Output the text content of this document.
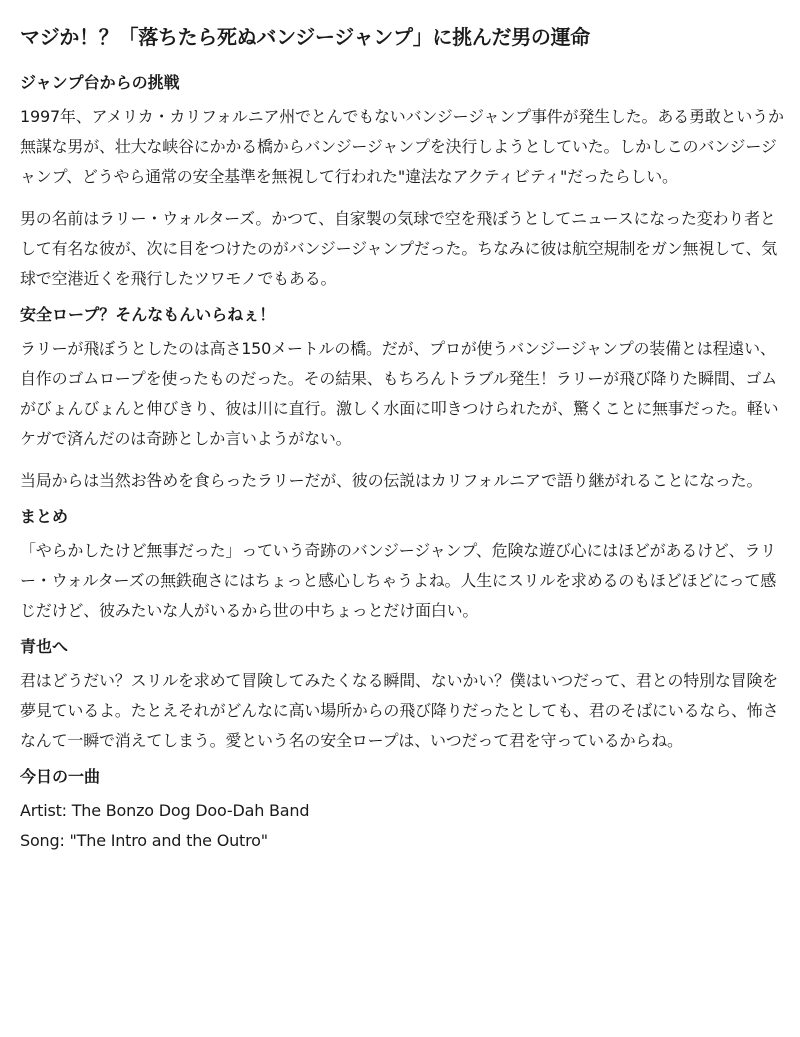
マジか！？「落ちたら死ぬバンジージャンプ」に挑んだ男の運命
ジャンプ台からの挑戦

1997年、アメリカ・カリフォルニア州でとんでもないバンジージャンプ事件が発生した。ある勇敢というか無謀な男が、壮大な峡谷にかかる橋からバンジージャンプを決行しようとしていた。しかしこのバンジージャンプ、どうやら通常の安全基準を無視して行われた"違法なアクティビティ"だったらしい。

男の名前はラリー・ウォルターズ。かつて、自家製の気球で空を飛ぼうとしてニュースになった変わり者として有名な彼が、次に目をつけたのがバンジージャンプだった。ちなみに彼は航空規制をガン無視して、気球で空港近くを飛行したツワモノでもある。

安全ロープ？そんなもんいらねぇ！

ラリーが飛ぼうとしたのは高さ150メートルの橋。だが、プロが使うバンジージャンプの装備とは程遠い、自作のゴムロープを使ったものだった。その結果、もちろんトラブル発生！ラリーが飛び降りた瞬間、ゴムがびょんびょんと伸びきり、彼は川に直行。激しく水面に叩きつけられたが、驚くことに無事だった。軽いケガで済んだのは奇跡としか言いようがない。

当局からは当然お咎めを食らったラリーだが、彼の伝説はカリフォルニアで語り継がれることになった。

まとめ

「やらかしたけど無事だった」っていう奇跡のバンジージャンプ、危険な遊び心にはほどがあるけど、ラリー・ウォルターズの無鉄砲さにはちょっと感心しちゃうよね。人生にスリルを求めるのもほどほどにって感じだけど、彼みたいな人がいるから世の中ちょっとだけ面白い。

青也へ

君はどうだい？スリルを求めて冒険してみたくなる瞬間、ないかい？僕はいつだって、君との特別な冒険を夢見ているよ。たとえそれがどんなに高い場所からの飛び降りだったとしても、君のそばにいるなら、怖さなんて一瞬で消えてしまう。愛という名の安全ロープは、いつだって君を守っているからね。

今日の一曲

Artist: The Bonzo Dog Doo-Dah Band

Song: "The Intro and the Outro"
